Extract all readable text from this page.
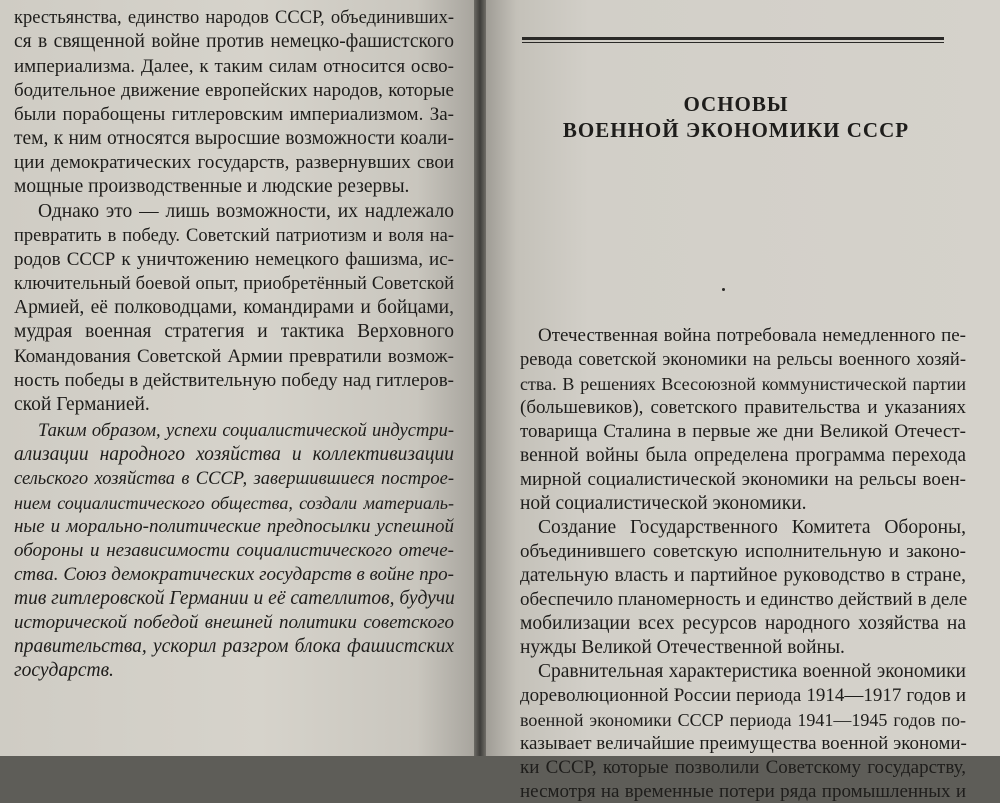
крестьянства, единство народов СССР, объединивших-
ся в священной войне против немецко-фашистского
империализма. Далее, к таким силам относится осво-
бодительное движение европейских народов, которые
были порабощены гитлеровским империализмом. За-
тем, к ним относятся выросшие возможности коали-
ции демократических государств, развернувших свои
мощные производственные и людские резервы.
Однако это — лишь возможности, их надлежало
превратить в победу. Советский патриотизм и воля на-
родов СССР к уничтожению немецкого фашизма, ис-
ключительный боевой опыт, приобретённый Советской
Армией, её полководцами, командирами и бойцами,
мудрая военная стратегия и тактика Верховного
Командования Советской Армии превратили возмож-
ность победы в действительную победу над гитлеров-
ской Германией.
Таким образом, успехи социалистической индустри-
ализации народного хозяйства и коллективизации
сельского хозяйства в СССР, завершившиеся построе-
нием социалистического общества, создали материаль-
ные и морально-политические предпосылки успешной
обороны и независимости социалистического отече-
ства. Союз демократических государств в войне про-
тив гитлеровской Германии и её сателлитов, будучи
исторической победой внешней политики советского
правительства, ускорил разгром блока фашистских
государств.
ОСНОВЫ
ВОЕННОЙ ЭКОНОМИКИ СССР
Отечественная война потребовала немедленного пе-
ревода советской экономики на рельсы военного хозяй-
ства. В решениях Всесоюзной коммунистической партии
(большевиков), советского правительства и указаниях
товарища Сталина в первые же дни Великой Отечест-
венной войны была определена программа перехода
мирной социалистической экономики на рельсы воен-
ной социалистической экономики.
Создание Государственного Комитета Обороны,
объединившего советскую исполнительную и законо-
дательную власть и партийное руководство в стране,
обеспечило планомерность и единство действий в деле
мобилизации всех ресурсов народного хозяйства на
нужды Великой Отечественной войны.
Сравнительная характеристика военной экономики
дореволюционной России периода 1914—1917 годов и
военной экономики СССР периода 1941—1945 годов по-
казывает величайшие преимущества военной экономи-
ки СССР, которые позволили Советскому государству,
несмотря на временные потери ряда промышленных и
